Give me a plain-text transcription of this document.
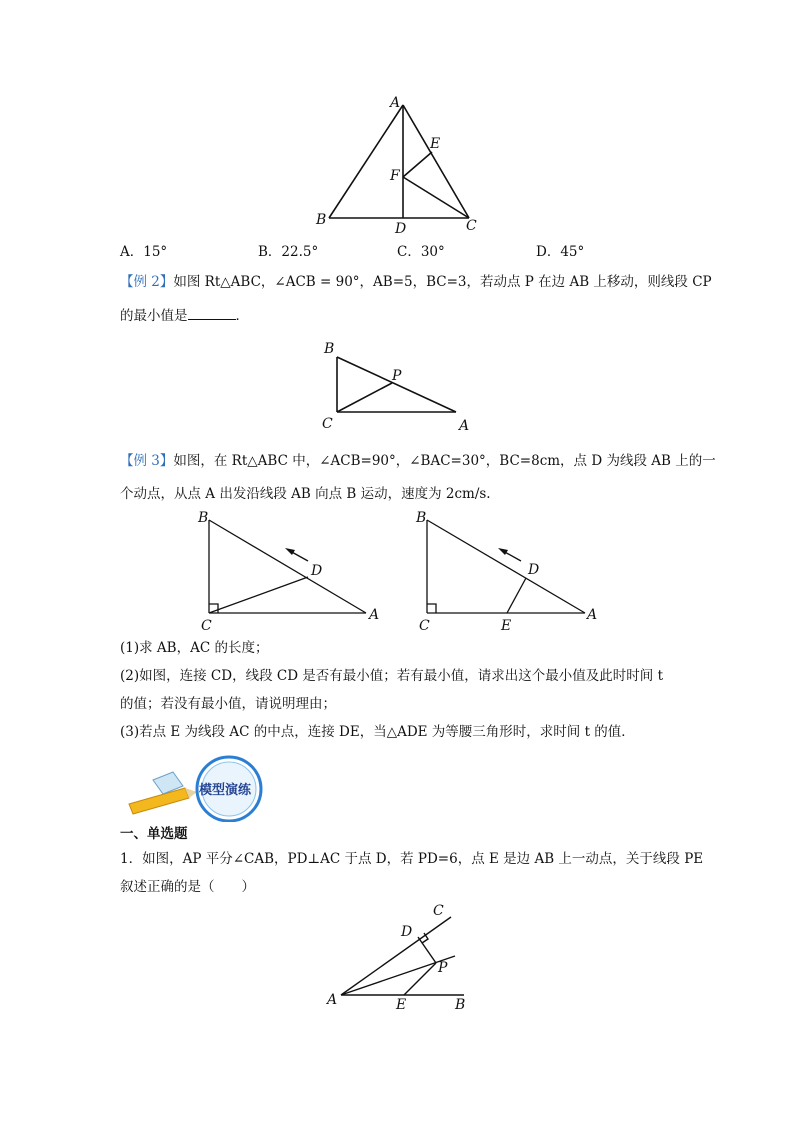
A
E
F
B
D	C
A．15°	B．22.5°	C．30°	D．45°
【例 2】如图 Rt△ABC，∠ACB = 90°，AB=5，BC=3，若动点 P 在边 AB 上移动，则线段 CP
的最小值是	．
B
P
C	A
【例 3】如图，在 Rt△ABC 中，∠ACB=90°，∠BAC=30°，BC=8cm，点 D 为线段 AB 上的一
个动点，从点 A 出发沿线段 AB 向点 B 运动，速度为 2cm/s.
B
D
C
A
B
D
C	E
A
(1)求 AB，AC 的长度；
(2)如图，连接 CD，线段 CD 是否有最小值；若有最小值，请求出这个最小值及此时时间 t
的值；若没有最小值，请说明理由；
(3)若点 E 为线段 AC 的中点，连接 DE，当△ADE 为等腰三角形时，求时间 t 的值．
模型演练
一、单选题
1．如图，AP 平分∠CAB，PD⊥AC 于点 D，若 PD=6，点 E 是边 AB 上一动点，关于线段 PE
叙述正确的是（　　）
C
D
P
A	E	B
